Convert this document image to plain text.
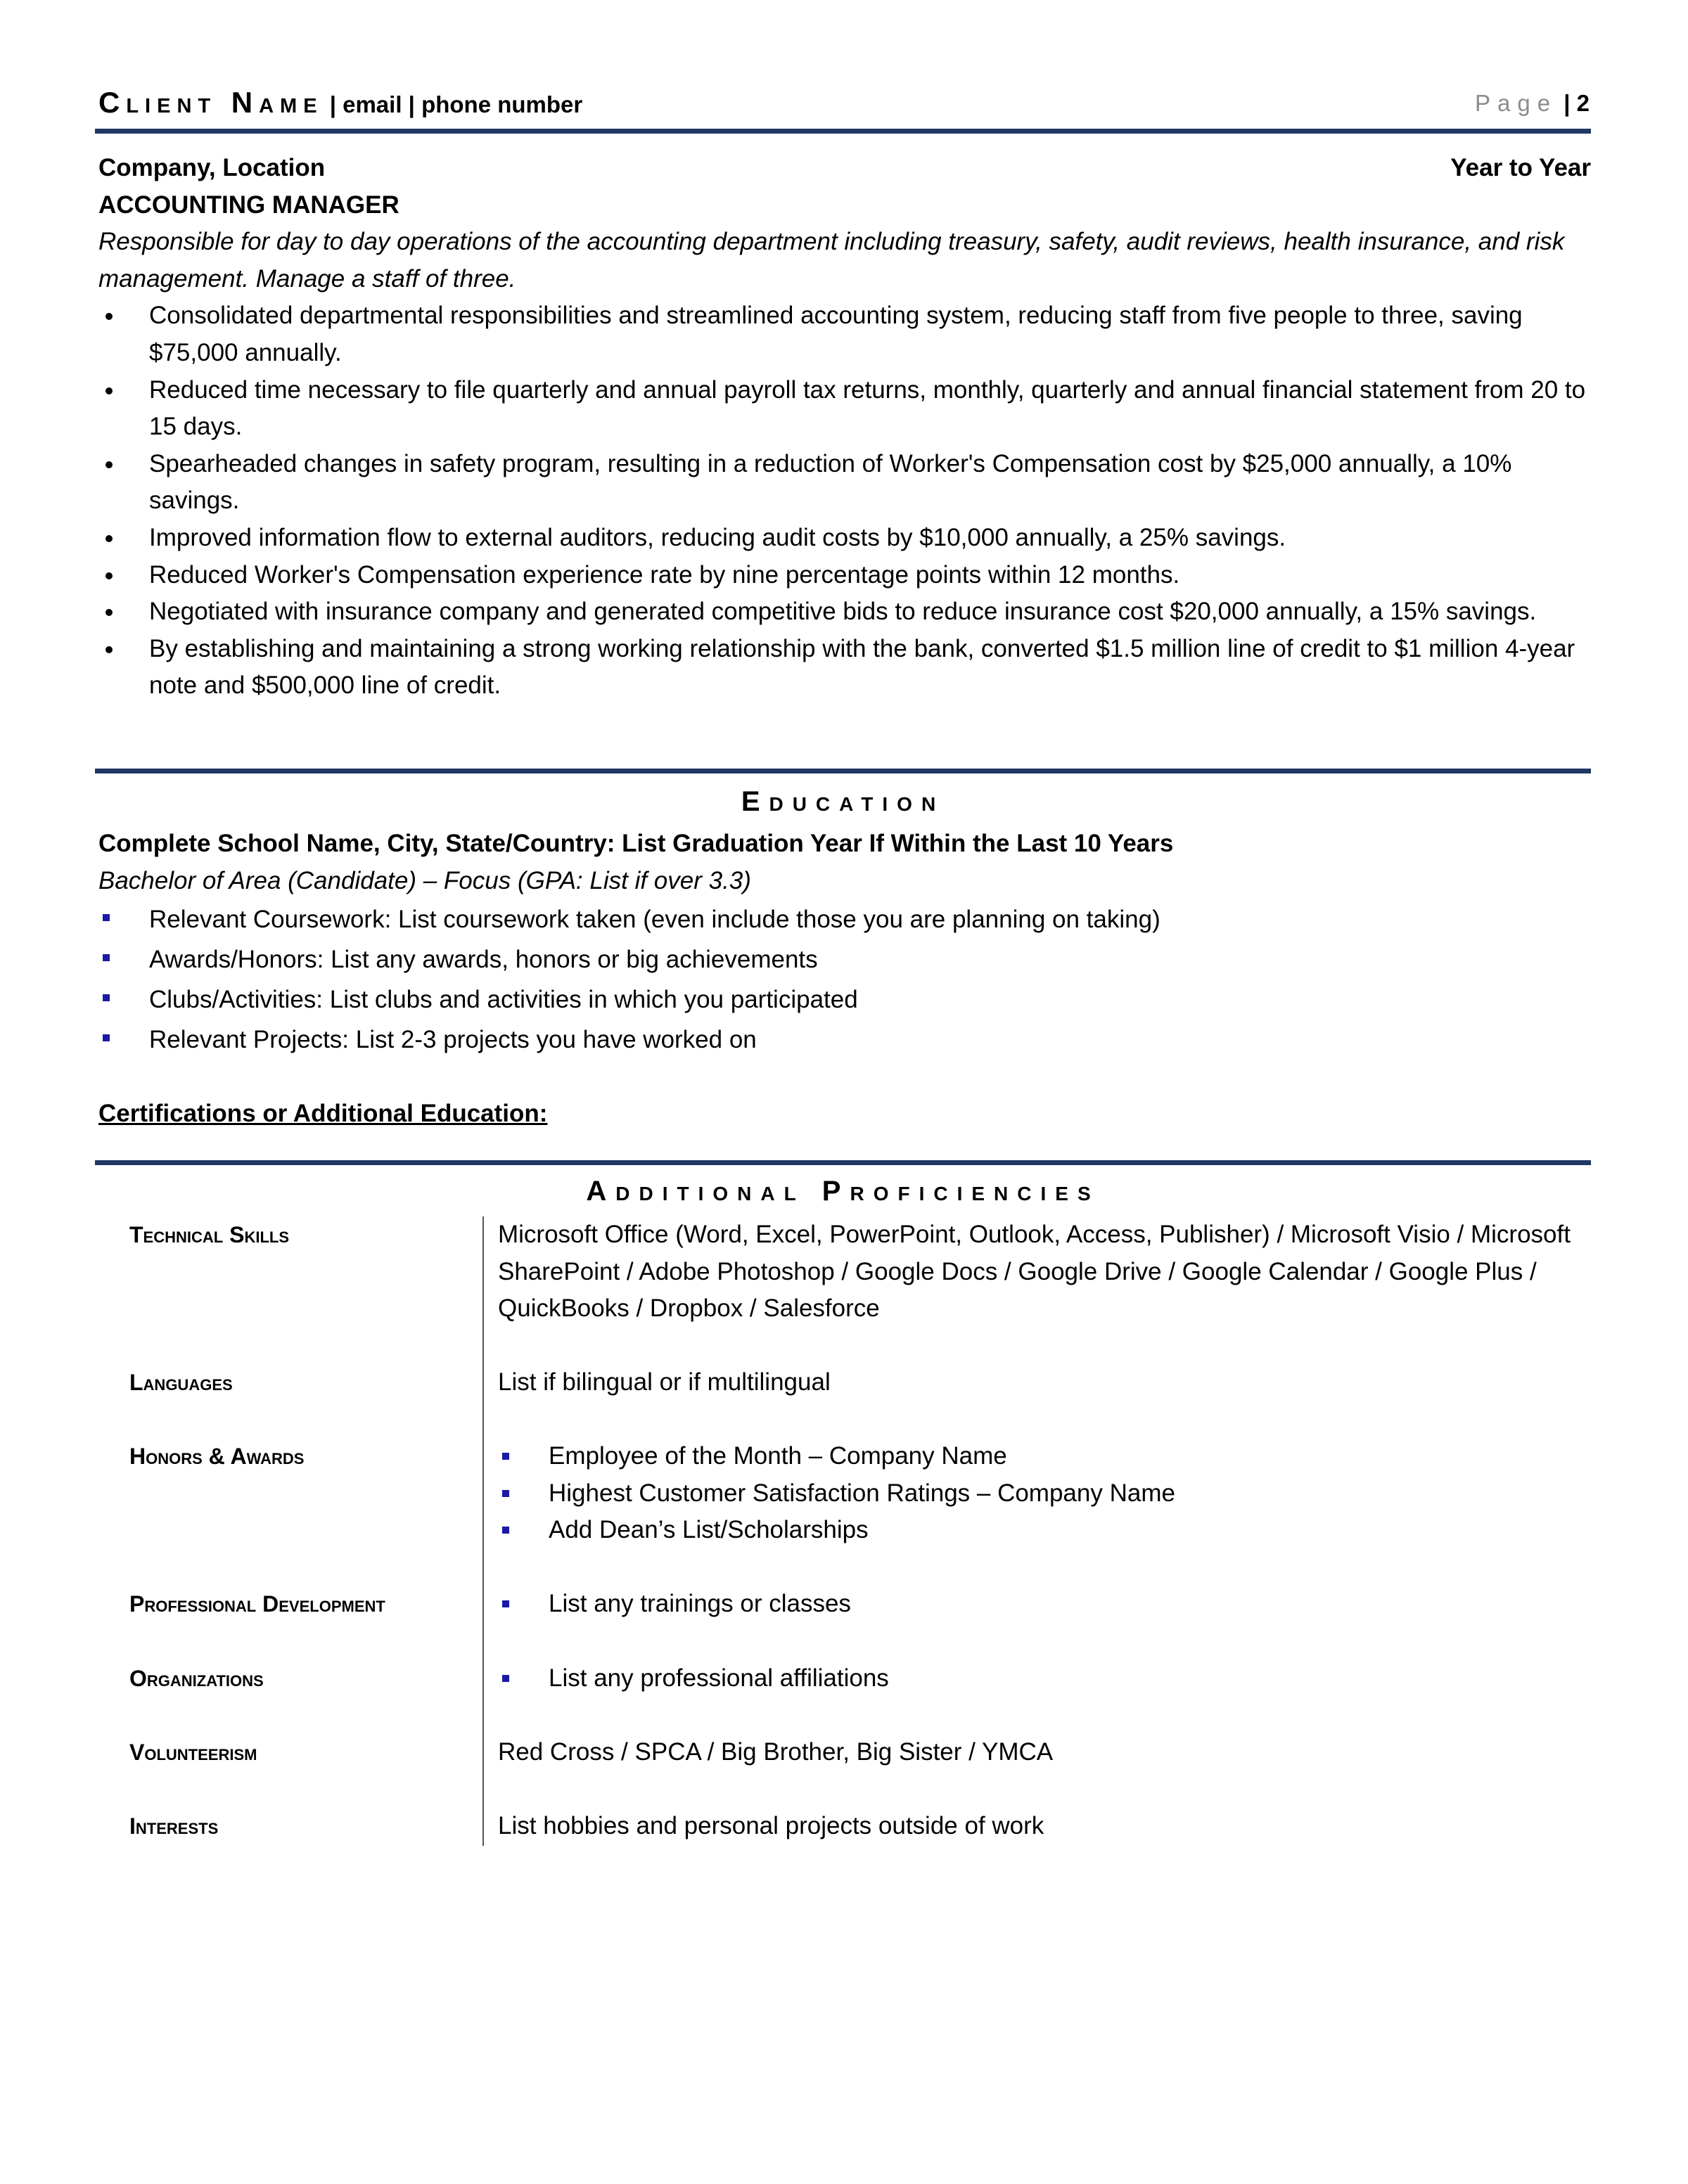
Client Name | email | phone number	Page | 2
Company, Location	Year to Year
ACCOUNTING MANAGER
Responsible for day to day operations of the accounting department including treasury, safety, audit reviews, health insurance, and risk management. Manage a staff of three.
Consolidated departmental responsibilities and streamlined accounting system, reducing staff from five people to three, saving $75,000 annually.
Reduced time necessary to file quarterly and annual payroll tax returns, monthly, quarterly and annual financial statement from 20 to 15 days.
Spearheaded changes in safety program, resulting in a reduction of Worker's Compensation cost by $25,000 annually, a 10% savings.
Improved information flow to external auditors, reducing audit costs by $10,000 annually, a 25% savings.
Reduced Worker's Compensation experience rate by nine percentage points within 12 months.
Negotiated with insurance company and generated competitive bids to reduce insurance cost $20,000 annually, a 15% savings.
By establishing and maintaining a strong working relationship with the bank, converted $1.5 million line of credit to $1 million 4-year note and $500,000 line of credit.
Education
Complete School Name, City, State/Country: List Graduation Year If Within the Last 10 Years
Bachelor of Area (Candidate) – Focus (GPA: List if over 3.3)
Relevant Coursework: List coursework taken (even include those you are planning on taking)
Awards/Honors: List any awards, honors or big achievements
Clubs/Activities: List clubs and activities in which you participated
Relevant Projects: List 2-3 projects you have worked on
Certifications or Additional Education:
Additional Proficiencies
Technical Skills	Microsoft Office (Word, Excel, PowerPoint, Outlook, Access, Publisher) / Microsoft Visio / Microsoft SharePoint / Adobe Photoshop / Google Docs / Google Drive / Google Calendar / Google Plus / QuickBooks / Dropbox / Salesforce
Languages	List if bilingual or if multilingual
Honors & Awards	Employee of the Month – Company Name
Highest Customer Satisfaction Ratings – Company Name
Add Dean’s List/Scholarships
Professional Development	List any trainings or classes
Organizations	List any professional affiliations
Volunteerism	Red Cross / SPCA / Big Brother, Big Sister / YMCA
Interests	List hobbies and personal projects outside of work
